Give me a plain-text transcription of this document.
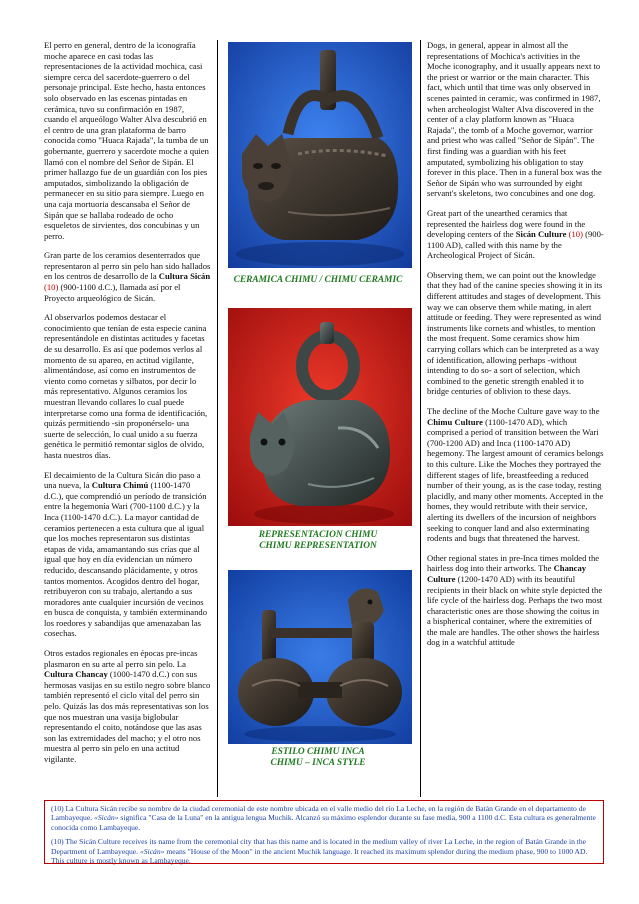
El perro en general, dentro de la iconografía moche aparece en casi todas las representaciones de la actividad mochica, casi siempre cerca del sacerdote-guerrero o del personaje principal. Este hecho, hasta entonces solo observado en las escenas pintadas en cerámica, tuvo su confirmación en 1987, cuando el arqueólogo Walter Alva descubrió en el centro de una gran plataforma de barro conocida como "Huaca Rajada", la tumba de un gobernante, guerrero y sacerdote moche a quien llamó con el nombre del Señor de Sipán. El primer hallazgo fue de un guardián con los pies amputados, simbolizando la obligación de permanecer en su sitio para siempre. Luego en una caja mortuoria descansaba el Señor de Sipán que se hallaba rodeado de ocho esqueletos de sirvientes, dos concubinas y un perro.

Gran parte de los ceramios desenterrados que representaron al perro sin pelo han sido hallados en los centros de desarrollo de la Cultura Sicán (10) (900-1100 d.C.), llamada así por el Proyecto arqueológico de Sicán.

Al observarlos podemos destacar el conocimiento que tenían de esta especie canina representándole en distintas actitudes y facetas de su desarrollo. Es así que podemos verlos al momento de su apareo, en actitud vigilante, alimentándose, así como en instrumentos de viento como cornetas y silbatos, por decir lo más representativo. Algunos ceramios los muestran llevando collares lo cual puede interpretarse como una forma de identificación, quizás permitiendo -sin proponérselo- una suerte de selección, lo cual unido a su fuerza genética le permitió remontar siglos de olvido, hasta nuestros días.

El decaimiento de la Cultura Sicán dio paso a una nueva, la Cultura Chimú (1100-1470 d.C.), que comprendió un período de transición entre la hegemonía Wari (700-1100 d.C.) y la Inca (1100-1470 d.C.). La mayor cantidad de ceramios pertenecen a esta cultura que al igual que los moches representaron sus distintas etapas de vida, amamantando sus crías que al igual que hoy en día evidencian un número reducido, descansando plácidamente, y otros tantos momentos. Acogidos dentro del hogar, retribuyeron con su trabajo, alertando a sus moradores ante cualquier incursión de vecinos en busca de conquista, y también exterminando los roedores y sabandijas que amenazaban las cosechas.

Otros estados regionales en épocas pre-incas plasmaron en su arte al perro sin pelo. La Cultura Chancay (1000-1470 d.C.) con sus hermosas vasijas en su estilo negro sobre blanco también representó el ciclo vital del perro sin pelo. Quizás las dos más representativas son los que nos muestran una vasija biglobular representando el coito, notándose que las asas son las extremidades del macho; y el otro nos muestra al perro sin pelo en una actitud vigilante.

CERAMICA CHIMU / CHIMU CERAMIC
REPRESENTACION CHIMU
CHIMU REPRESENTATION
ESTILO CHIMU INCA
CHIMU – INCA STYLE

Dogs, in general, appear in almost all the representations of Mochica's activities in the Moche iconography, and it usually appears next to the priest or warrior or the main character. This fact, which until that time was only observed in scenes painted in ceramic, was confirmed in 1987, when archeologist Walter Alva discovered in the center of a clay platform known as "Huaca Rajada", the tomb of a Moche governor, warrior and priest who was called "Señor de Sipán". The first finding was a guardian with his feet amputated, symbolizing his obligation to stay forever in this place. Then in a funeral box was the Señor de Sipán who was surrounded by eight servant's skeletons, two concubines and one dog.

Great part of the unearthed ceramics that represented the hairless dog were found in the developing centers of the Sicán Culture (10) (900-1100 AD), called with this name by the Archeological Project of Sicán.

Observing them, we can point out the knowledge that they had of the canine species showing it in its different attitudes and stages of development. This way we can observe them while mating, in alert attitude or feeding. They were represented as wind instruments like cornets and whistles, to mention the most frequent. Some ceramics show him carrying collars which can be interpreted as a way of identification, allowing perhaps -without intending to do so- a sort of selection, which combined to the genetic strength enabled it to bridge centuries of oblivion to these days.

The decline of the Moche Culture gave way to the Chimu Culture (1100-1470 AD), which comprised a period of transition between the Wari (700-1200 AD) and Inca (1100-1470 AD) hegemony. The largest amount of ceramics belongs to this culture. Like the Moches they portrayed the different stages of life, breastfeeding a reduced number of their young, as is the case today, resting placidly, and many other moments. Accepted in the homes, they would retribute with their service, alerting its dwellers of the incursion of neighbors seeking to conquer land and also exterminating rodents and bugs that threatened the harvest.

Other regional states in pre-Inca times molded the hairless dog into their artworks. The Chancay Culture (1200-1470 AD) with its beautiful recipients in their black on white style depicted the life cycle of the hairless dog. Perhaps the two most characteristic ones are those showing the coitus in a bispherical container, where the extremities of the male are handles. The other shows the hairless dog in a watchful attitude

(10) La Cultura Sicán recibe su nombre de la ciudad ceremonial de este nombre ubicada en el valle medio del río La Leche, en la región de Batán Grande en el departamento de Lambayeque. «Sicán» significa "Casa de la Luna" en la antigua lengua Muchik. Alcanzó su máximo esplendor durante su fase media, 900 a 1100 d.C. Esta cultura es generalmente conocida como Lambayeque.

(10) The Sicán Culture receives its name from the ceremonial city that has this name and is located in the medium valley of river La Leche, in the region of Batán Grande in the Department of Lambayeque. «Sicán» means "House of the Moon" in the ancient Muchik language. It reached its maximum splendor during the medium phase, 900 to 1000 AD. This culture is mostly known as Lambayeque.
